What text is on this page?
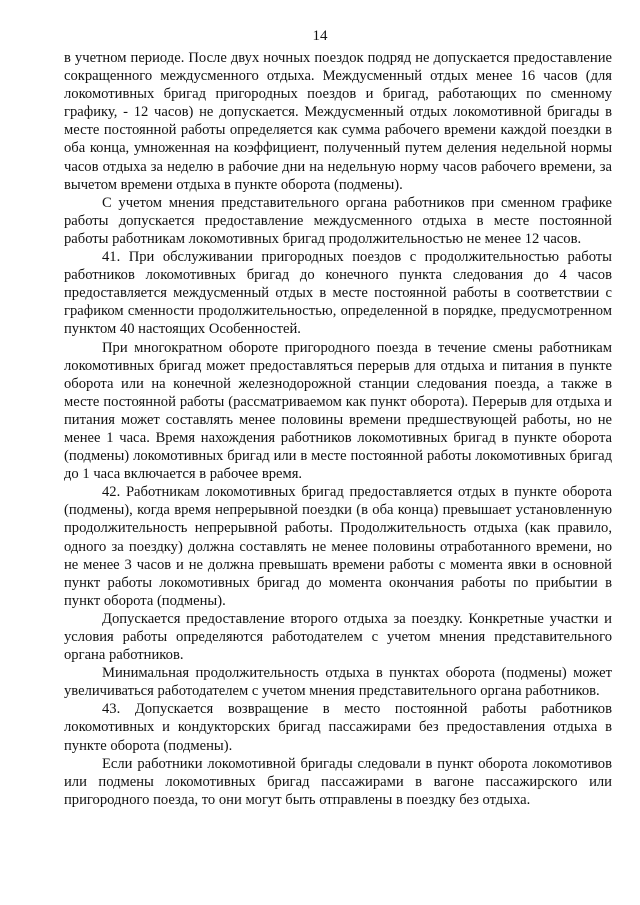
14

в учетном периоде. После двух ночных поездок подряд не допускается предоставление сокращенного междусменного отдыха. Междусменный отдых менее 16 часов (для локомотивных бригад пригородных поездов и бригад, работающих по сменному графику, - 12 часов) не допускается. Междусменный отдых локомотивной бригады в месте постоянной работы определяется как сумма рабочего времени каждой поездки в оба конца, умноженная на коэффициент, полученный путем деления недельной нормы часов отдыха за неделю в рабочие дни на недельную норму часов рабочего времени, за вычетом времени отдыха в пункте оборота (подмены).

С учетом мнения представительного органа работников при сменном графике работы допускается предоставление междусменного отдыха в месте постоянной работы работникам локомотивных бригад продолжительностью не менее 12 часов.

41. При обслуживании пригородных поездов с продолжительностью работы работников локомотивных бригад до конечного пункта следования до 4 часов предоставляется междусменный отдых в месте постоянной работы в соответствии с графиком сменности продолжительностью, определенной в порядке, предусмотренном пунктом 40 настоящих Особенностей.

При многократном обороте пригородного поезда в течение смены работникам локомотивных бригад может предоставляться перерыв для отдыха и питания в пункте оборота или на конечной железнодорожной станции следования поезда, а также в месте постоянной работы (рассматриваемом как пункт оборота). Перерыв для отдыха и питания может составлять менее половины времени предшествующей работы, но не менее 1 часа. Время нахождения работников локомотивных бригад в пункте оборота (подмены) локомотивных бригад или в месте постоянной работы локомотивных бригад до 1 часа включается в рабочее время.

42. Работникам локомотивных бригад предоставляется отдых в пункте оборота (подмены), когда время непрерывной поездки (в оба конца) превышает установленную продолжительность непрерывной работы. Продолжительность отдыха (как правило, одного за поездку) должна составлять не менее половины отработанного времени, но не менее 3 часов и не должна превышать времени работы с момента явки в основной пункт работы локомотивных бригад до момента окончания работы по прибытии в пункт оборота (подмены).

Допускается предоставление второго отдыха за поездку. Конкретные участки и условия работы определяются работодателем с учетом мнения представительного органа работников.

Минимальная продолжительность отдыха в пунктах оборота (подмены) может увеличиваться работодателем с учетом мнения представительного органа работников.

43. Допускается возвращение в место постоянной работы работников локомотивных и кондукторских бригад пассажирами без предоставления отдыха в пункте оборота (подмены).

Если работники локомотивной бригады следовали в пункт оборота локомотивов или подмены локомотивных бригад пассажирами в вагоне пассажирского или пригородного поезда, то они могут быть отправлены в поездку без отдыха.
